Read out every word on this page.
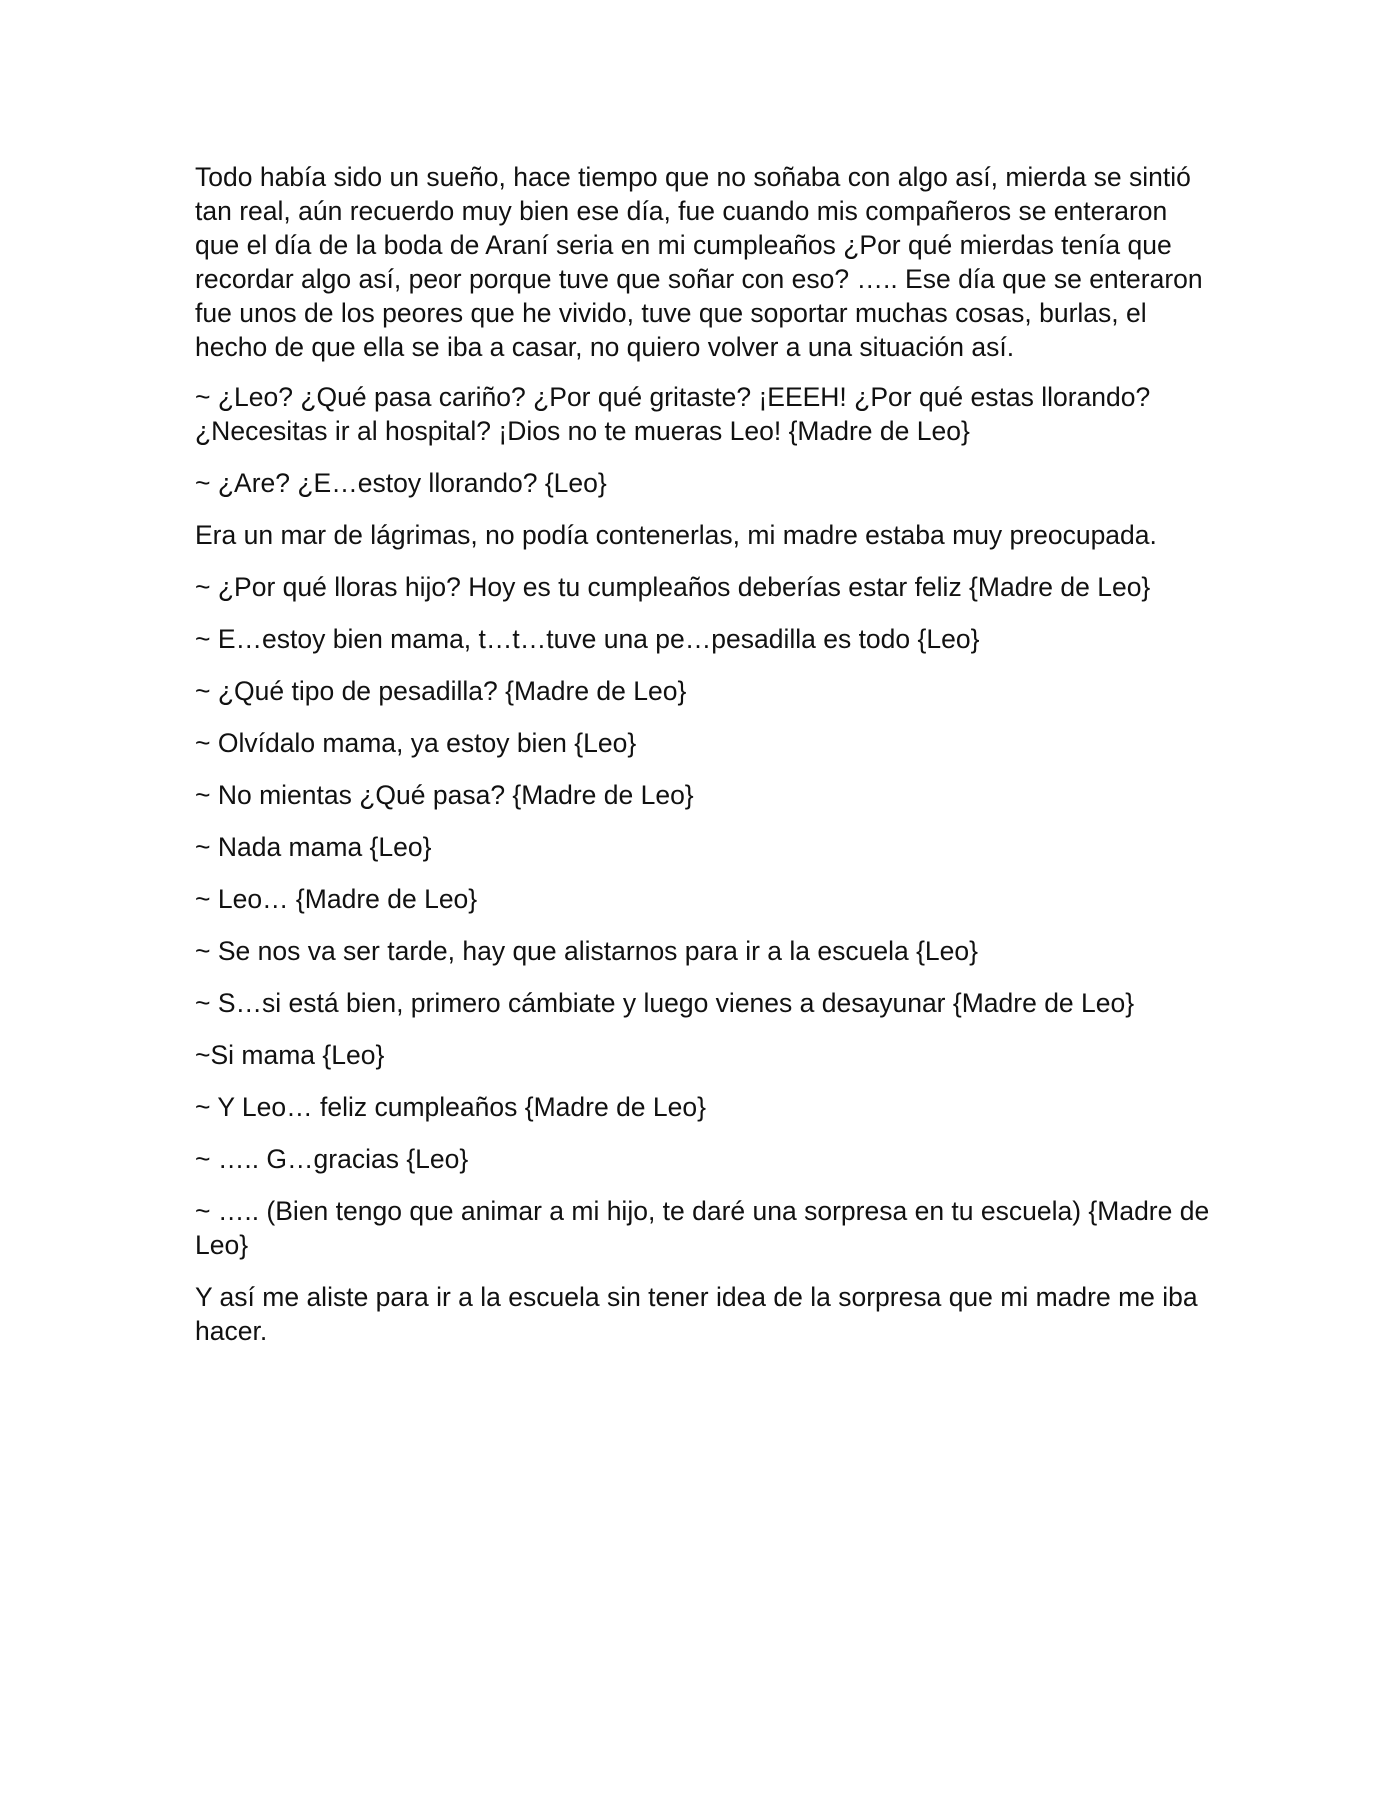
Todo había sido un sueño, hace tiempo que no soñaba con algo así, mierda se sintió tan real, aún recuerdo muy bien ese día, fue cuando mis compañeros se enteraron que el día de la boda de Araní seria en mi cumpleaños ¿Por qué mierdas tenía que recordar algo así, peor porque tuve que soñar con eso? ….. Ese día que se enteraron fue unos de los peores que he vivido, tuve que soportar muchas cosas, burlas, el hecho de que ella se iba a casar, no quiero volver a una situación así.

~ ¿Leo? ¿Qué pasa cariño? ¿Por qué gritaste? ¡EEEH! ¿Por qué estas llorando? ¿Necesitas ir al hospital? ¡Dios no te mueras Leo! {Madre de Leo}

~ ¿Are? ¿E…estoy llorando? {Leo}

Era un mar de lágrimas, no podía contenerlas, mi madre estaba muy preocupada.

~ ¿Por qué lloras hijo? Hoy es tu cumpleaños deberías estar feliz {Madre de Leo}

~ E…estoy bien mama, t…t…tuve una pe…pesadilla es todo {Leo}

~ ¿Qué tipo de pesadilla? {Madre de Leo}

~ Olvídalo mama, ya estoy bien {Leo}

~ No mientas ¿Qué pasa? {Madre de Leo}

~ Nada mama {Leo}

~ Leo… {Madre de Leo}

~ Se nos va ser tarde, hay que alistarnos para ir a la escuela {Leo}

~ S…si está bien, primero cámbiate y luego vienes a desayunar {Madre de Leo}

~Si mama {Leo}

~ Y Leo… feliz cumpleaños {Madre de Leo}

~ ….. G…gracias {Leo}

~ ….. (Bien tengo que animar a mi hijo, te daré una sorpresa en tu escuela) {Madre de Leo}

Y así me aliste para ir a la escuela sin tener idea de la sorpresa que mi madre me iba hacer.
